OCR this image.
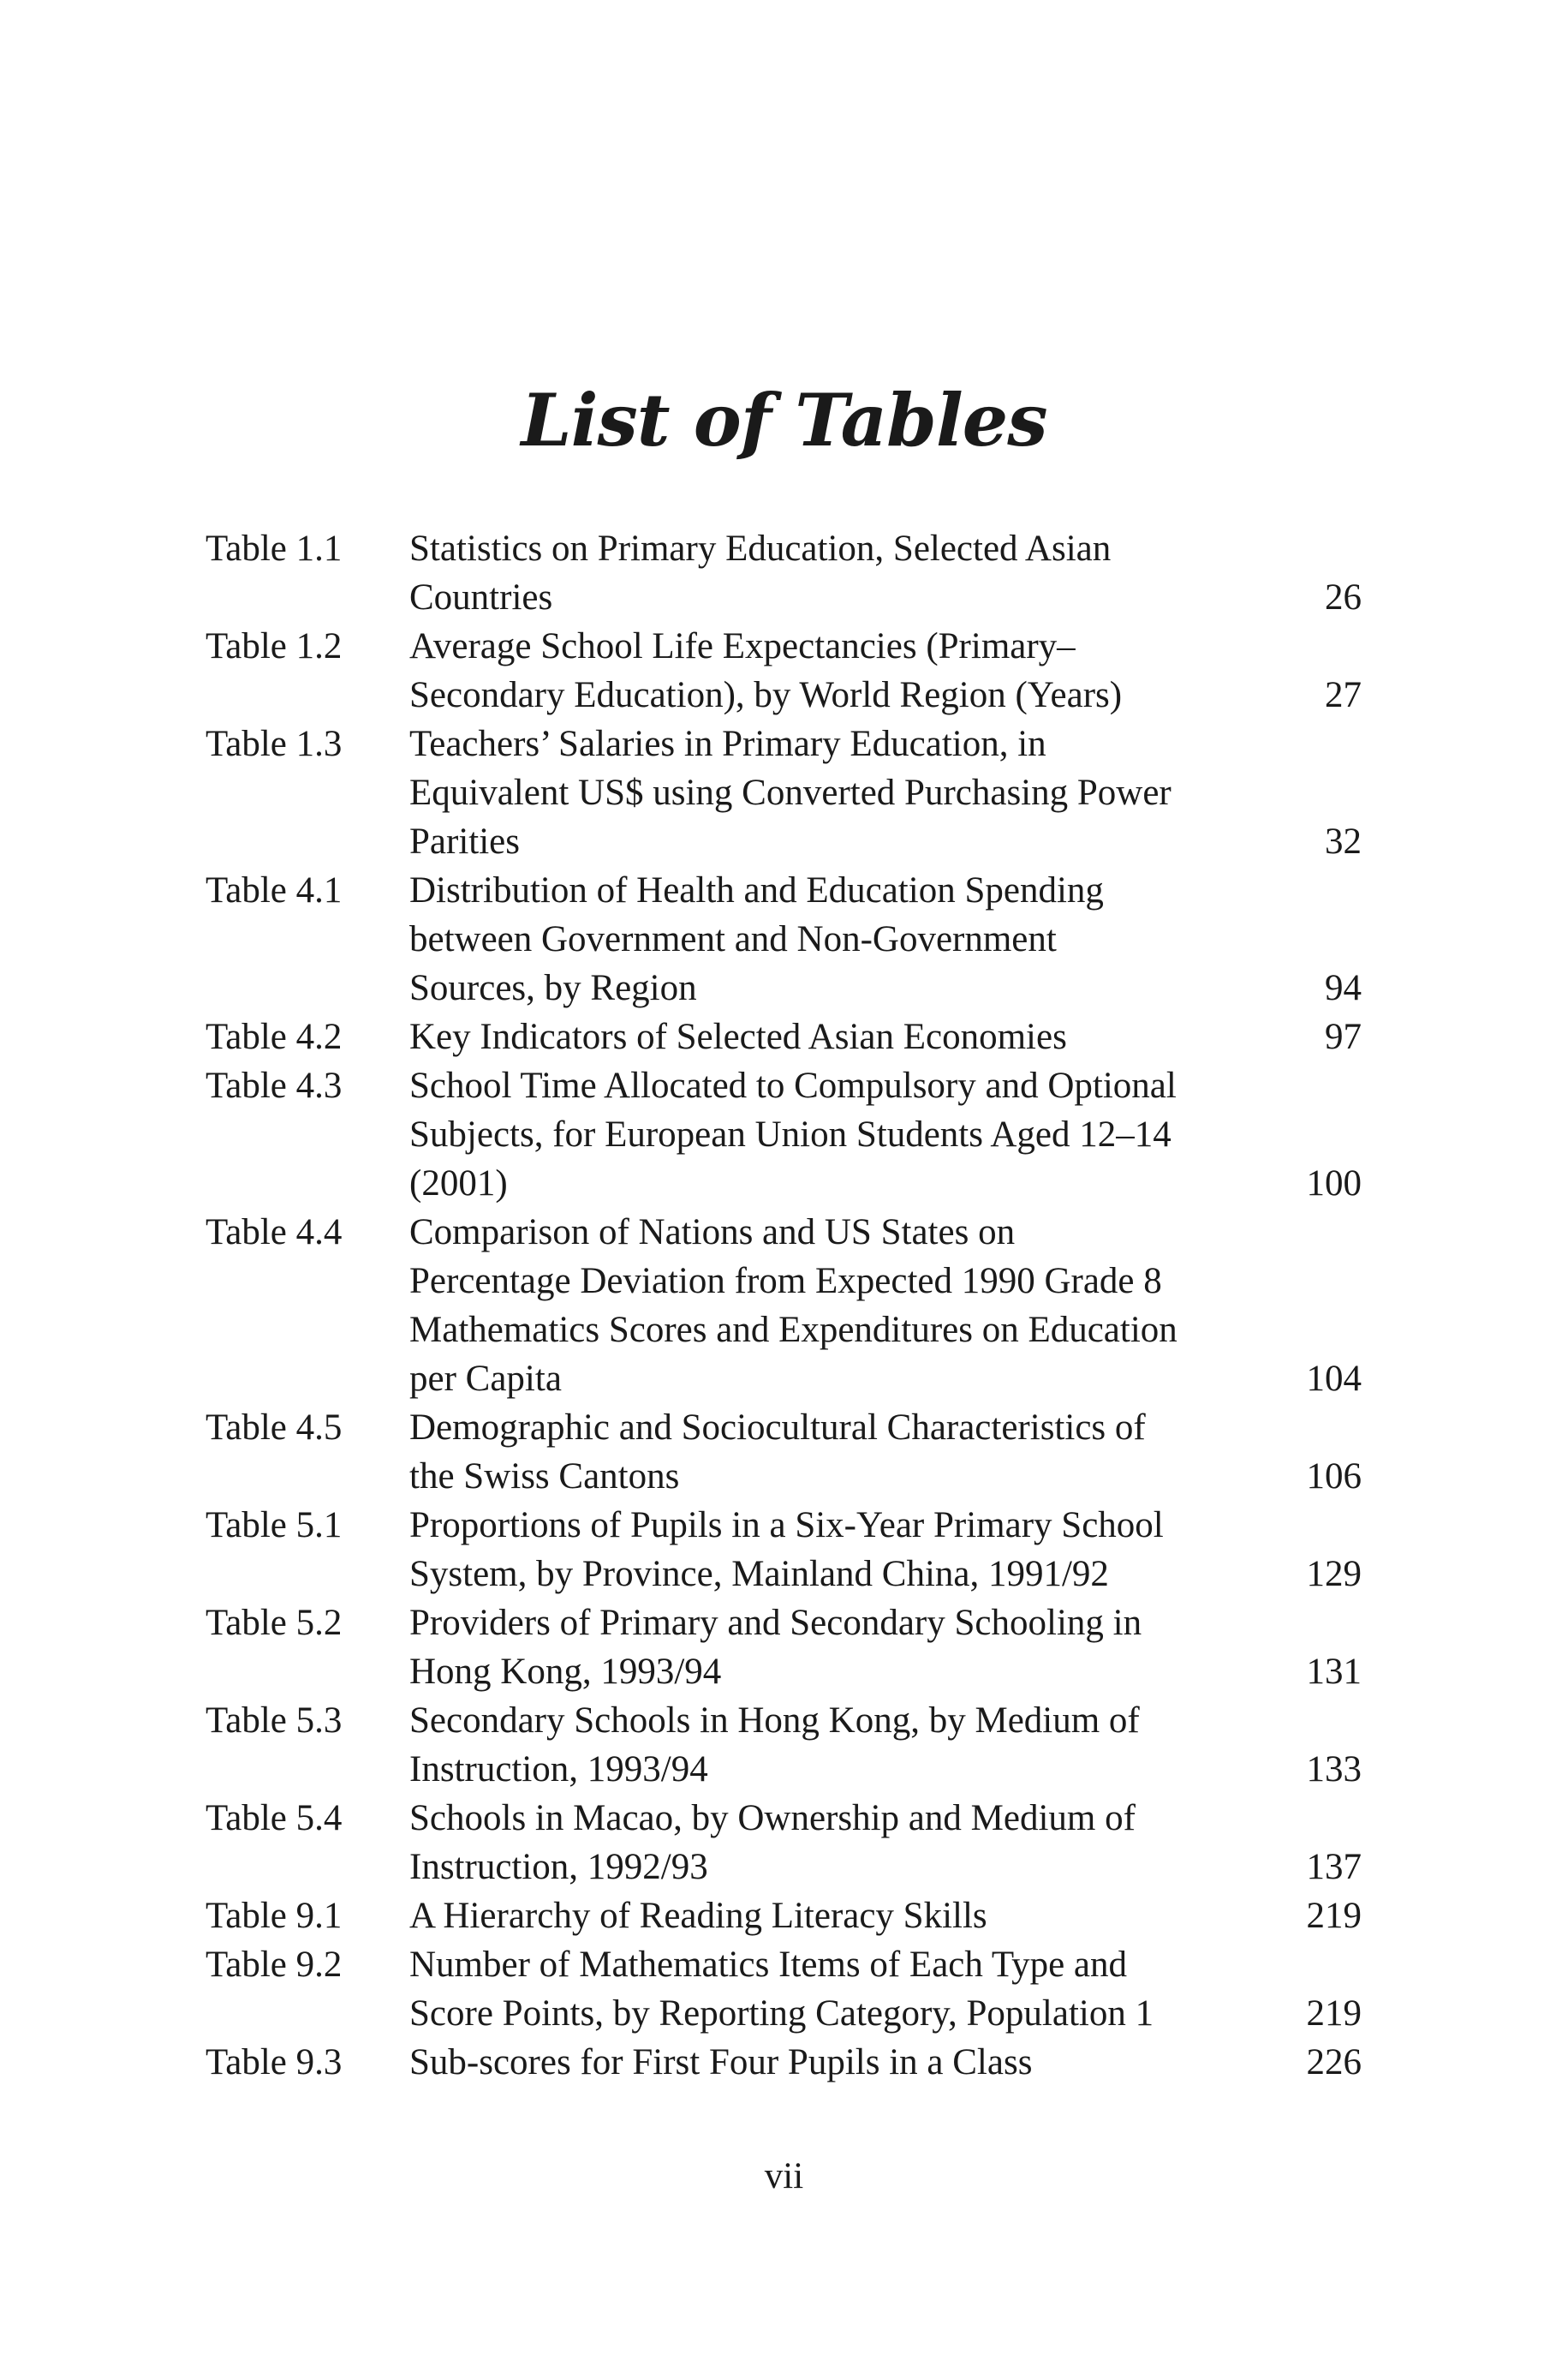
List of Tables
Table 1.1	Statistics on Primary Education, Selected Asian
Countries	26
Table 1.2	Average School Life Expectancies (Primary–
Secondary Education), by World Region (Years)	27
Table 1.3	Teachers’ Salaries in Primary Education, in
Equivalent US$ using Converted Purchasing Power
Parities	32
Table 4.1	Distribution of Health and Education Spending
between Government and Non-Government
Sources, by Region	94
Table 4.2	Key Indicators of Selected Asian Economies	97
Table 4.3	School Time Allocated to Compulsory and Optional
Subjects, for European Union Students Aged 12–14
(2001)	100
Table 4.4	Comparison of Nations and US States on
Percentage Deviation from Expected 1990 Grade 8
Mathematics Scores and Expenditures on Education
per Capita	104
Table 4.5	Demographic and Sociocultural Characteristics of
the Swiss Cantons	106
Table 5.1	Proportions of Pupils in a Six-Year Primary School
System, by Province, Mainland China, 1991/92	129
Table 5.2	Providers of Primary and Secondary Schooling in
Hong Kong, 1993/94	131
Table 5.3	Secondary Schools in Hong Kong, by Medium of
Instruction, 1993/94	133
Table 5.4	Schools in Macao, by Ownership and Medium of
Instruction, 1992/93	137
Table 9.1	A Hierarchy of Reading Literacy Skills	219
Table 9.2	Number of Mathematics Items of Each Type and
Score Points, by Reporting Category, Population 1	219
Table 9.3	Sub-scores for First Four Pupils in a Class	226
vii
